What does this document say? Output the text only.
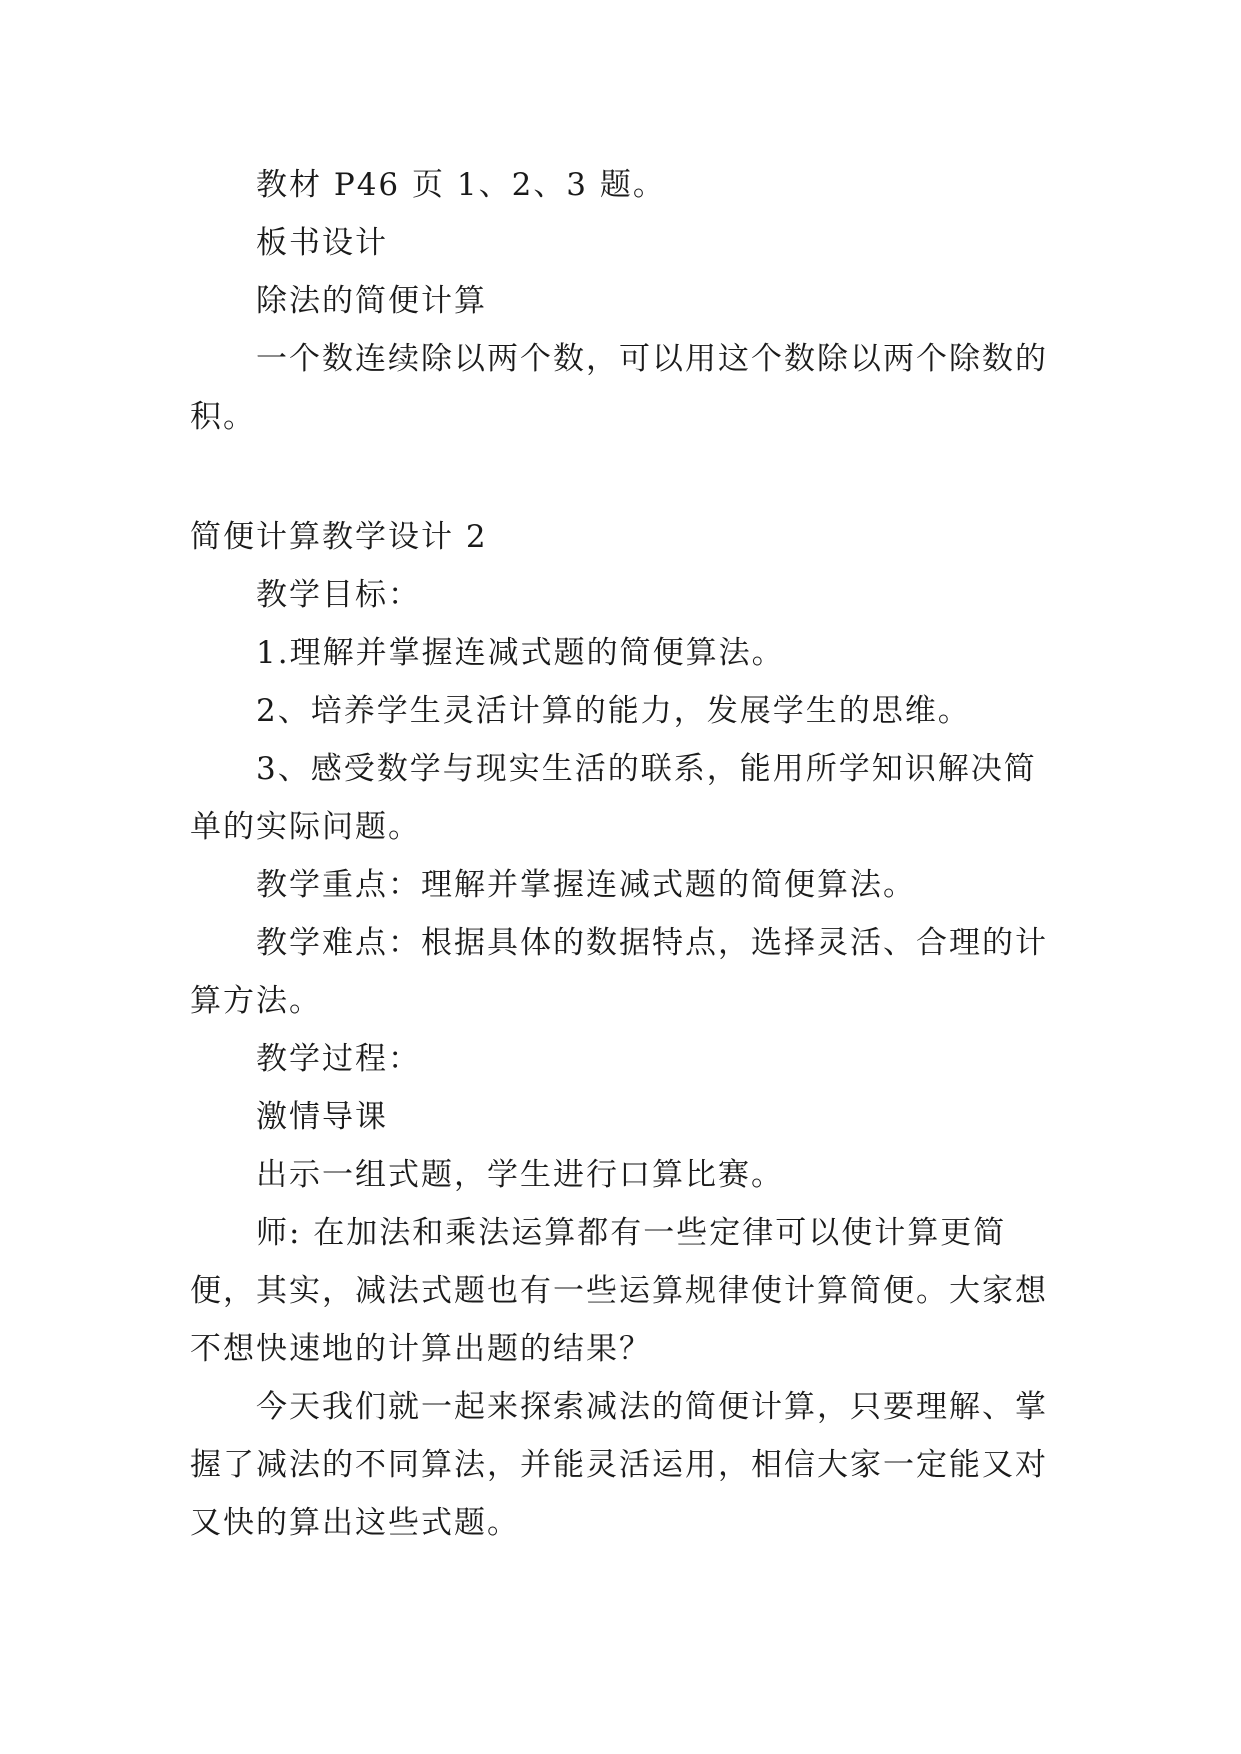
教材 P46 页 1、2、3 题。

板书设计

除法的简便计算

一个数连续除以两个数，可以用这个数除以两个除数的积。

简便计算教学设计 2

教学目标：

1.理解并掌握连减式题的简便算法。

2、培养学生灵活计算的能力，发展学生的思维。

3、感受数学与现实生活的联系，能用所学知识解决简单的实际问题。

教学重点：理解并掌握连减式题的简便算法。

教学难点：根据具体的数据特点，选择灵活、合理的计算方法。

教学过程：

激情导课

出示一组式题，学生进行口算比赛。

师: 在加法和乘法运算都有一些定律可以使计算更简便，其实，减法式题也有一些运算规律使计算简便。大家想不想快速地的计算出题的结果？

今天我们就一起来探索减法的简便计算，只要理解、掌握了减法的不同算法，并能灵活运用，相信大家一定能又对又快的算出这些式题。
